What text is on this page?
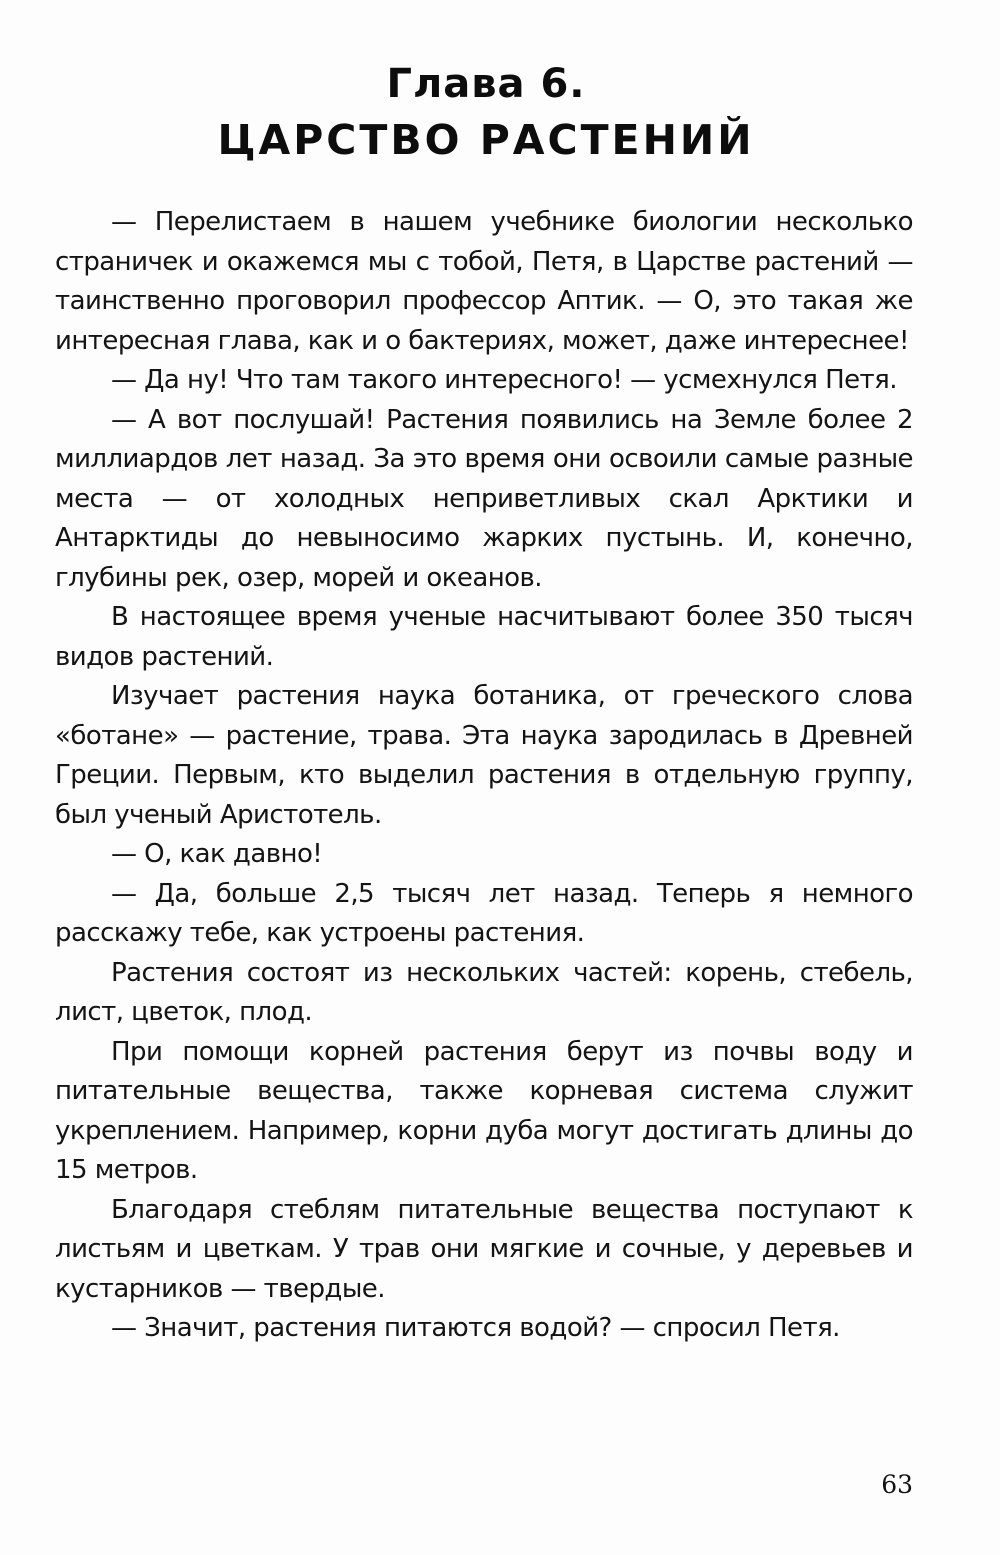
Глава 6.
ЦАРСТВО РАСТЕНИЙ

— Перелистаем в нашем учебнике биологии несколько страничек и окажемся мы с тобой, Петя, в Царстве растений — таинственно проговорил профессор Аптик. — О, это такая же интересная глава, как и о бактериях, может, даже интереснее!

— Да ну! Что там такого интересного! — усмехнулся Петя.

— А вот послушай! Растения появились на Земле более 2 миллиардов лет назад. За это время они освоили самые разные места — от холодных неприветливых скал Арктики и Антарктиды до невыносимо жарких пустынь. И, конечно, глубины рек, озер, морей и океанов.

В настоящее время ученые насчитывают более 350 тысяч видов растений.

Изучает растения наука ботаника, от греческого слова «ботане» — растение, трава. Эта наука зародилась в Древней Греции. Первым, кто выделил растения в отдельную группу, был ученый Аристотель.

— О, как давно!

— Да, больше 2,5 тысяч лет назад. Теперь я немного расскажу тебе, как устроены растения.

Растения состоят из нескольких частей: корень, стебель, лист, цветок, плод.

При помощи корней растения берут из почвы воду и питательные вещества, также корневая система служит укреплением. Например, корни дуба могут достигать длины до 15 метров.

Благодаря стеблям питательные вещества поступают к листьям и цветкам. У трав они мягкие и сочные, у деревьев и кустарников — твердые.

— Значит, растения питаются водой? — спросил Петя.

63
